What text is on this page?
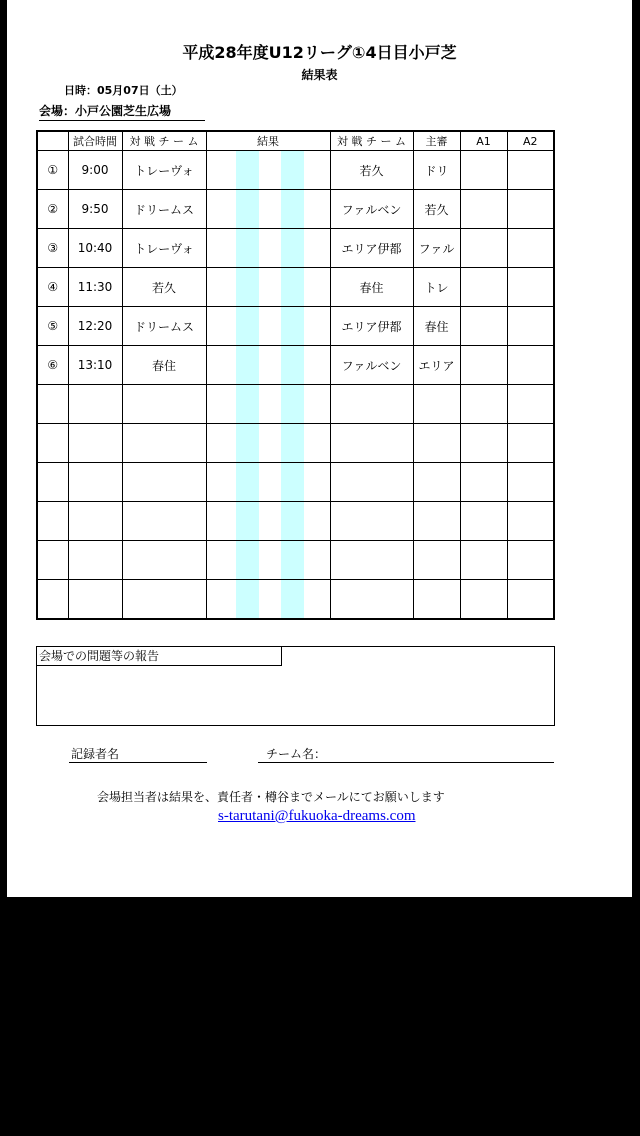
平成28年度U12リーグ①4日目小戸芝
結果表
日時：05月07日（土）
会場：小戸公園芝生広場
	試合時間	対 戦 チ ー ム	結果	対 戦 チ ー ム	主審	A1	A2
①	9:00	トレーヴォ		若久	ドリ		
②	9:50	ドリームス		ファルベン	若久		
③	10:40	トレーヴォ		エリア伊都	ファル		
④	11:30	若久		春住	トレ		
⑤	12:20	ドリームス		エリア伊都	春住		
⑥	13:10	春住		ファルベン	エリア		

会場での問題等の報告
記録者名	チーム名：
会場担当者は結果を、責任者・樽谷までメールにてお願いします
s-tarutani@fukuoka-dreams.com
